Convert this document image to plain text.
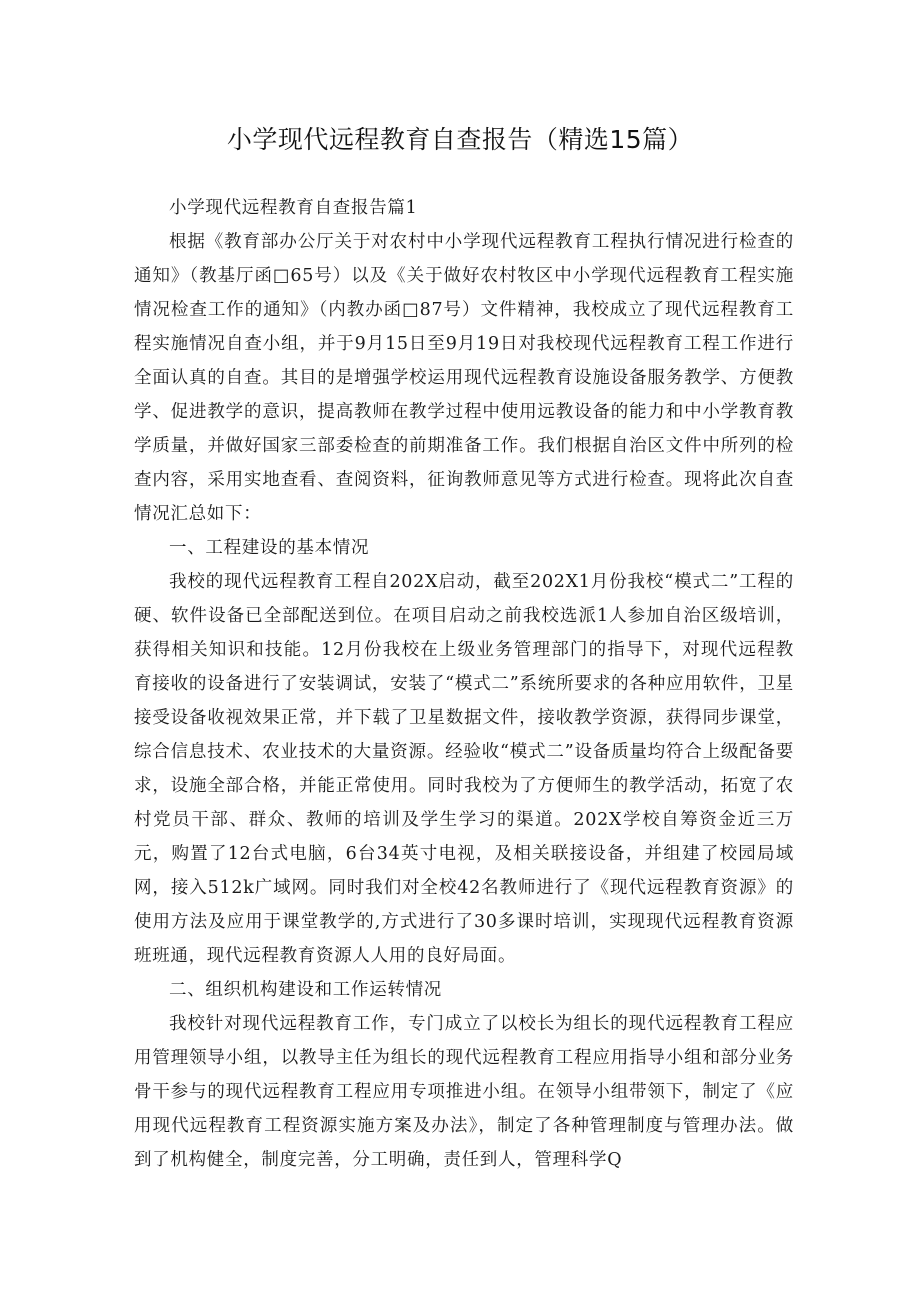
小学现代远程教育自查报告（精选15篇）

小学现代远程教育自查报告篇1

根据《教育部办公厅关于对农村中小学现代远程教育工程执行情况进行检查的通知》（教基厅函□65号）以及《关于做好农村牧区中小学现代远程教育工程实施情况检查工作的通知》（内教办函□87号）文件精神，我校成立了现代远程教育工程实施情况自查小组，并于9月15日至9月19日对我校现代远程教育工程工作进行全面认真的自查。其目的是增强学校运用现代远程教育设施设备服务教学、方便教学、促进教学的意识，提高教师在教学过程中使用远教设备的能力和中小学教育教学质量，并做好国家三部委检查的前期准备工作。我们根据自治区文件中所列的检查内容，采用实地查看、查阅资料，征询教师意见等方式进行检查。现将此次自查情况汇总如下：

一、工程建设的基本情况

我校的现代远程教育工程自202X启动，截至202X1月份我校“模式二”工程的硬、软件设备已全部配送到位。在项目启动之前我校选派1人参加自治区级培训，获得相关知识和技能。12月份我校在上级业务管理部门的指导下，对现代远程教育接收的设备进行了安装调试，安装了“模式二”系统所要求的各种应用软件，卫星接受设备收视效果正常，并下载了卫星数据文件，接收教学资源，获得同步课堂，综合信息技术、农业技术的大量资源。经验收“模式二”设备质量均符合上级配备要求，设施全部合格，并能正常使用。同时我校为了方便师生的教学活动，拓宽了农村党员干部、群众、教师的培训及学生学习的渠道。202X学校自筹资金近三万元，购置了12台式电脑，6台34英寸电视，及相关联接设备，并组建了校园局域网，接入512k广域网。同时我们对全校42名教师进行了《现代远程教育资源》的使用方法及应用于课堂教学的,方式进行了30多课时培训，实现现代远程教育资源班班通，现代远程教育资源人人用的良好局面。

二、组织机构建设和工作运转情况

我校针对现代远程教育工作，专门成立了以校长为组长的现代远程教育工程应用管理领导小组，以教导主任为组长的现代远程教育工程应用指导小组和部分业务骨干参与的现代远程教育工程应用专项推进小组。在领导小组带领下，制定了《应用现代远程教育工程资源实施方案及办法》，制定了各种管理制度与管理办法。做到了机构健全，制度完善，分工明确，责任到人，管理科学Q
